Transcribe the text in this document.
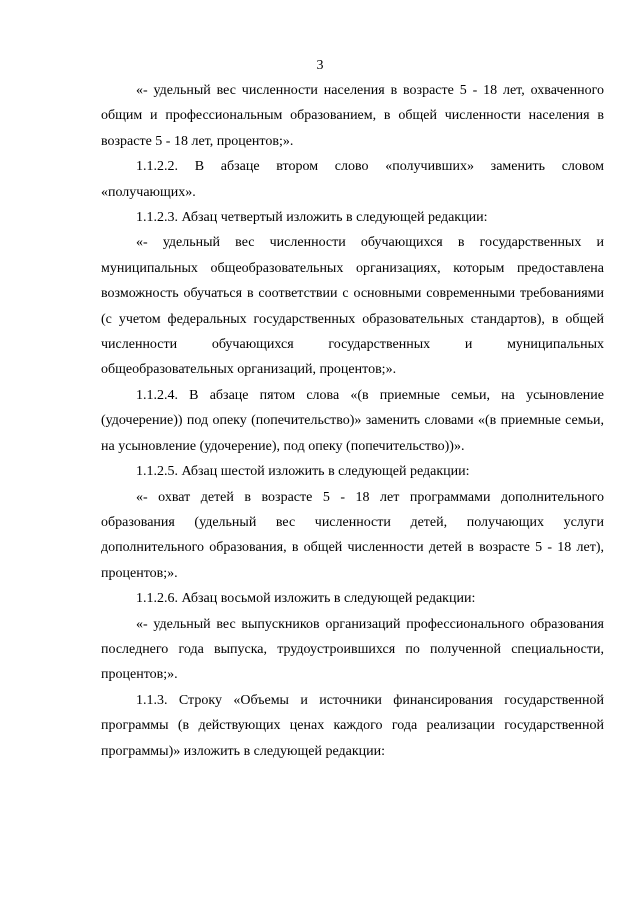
3

«- удельный вес численности населения в возрасте 5 - 18 лет, охваченного общим и профессиональным образованием, в общей численности населения в возрасте 5 - 18 лет, процентов;».

1.1.2.2. В абзаце втором слово «получивших» заменить словом «получающих».

1.1.2.3. Абзац четвертый изложить в следующей редакции:

«- удельный вес численности обучающихся в государственных и муниципальных общеобразовательных организациях, которым предоставлена возможность обучаться в соответствии с основными современными требованиями (с учетом федеральных государственных образовательных стандартов), в общей численности обучающихся государственных и муниципальных общеобразовательных организаций, процентов;».

1.1.2.4. В абзаце пятом слова «(в приемные семьи, на усыновление (удочерение)) под опеку (попечительство)» заменить словами «(в приемные семьи, на усыновление (удочерение), под опеку (попечительство))».

1.1.2.5. Абзац шестой изложить в следующей редакции:

«- охват детей в возрасте 5 - 18 лет программами дополнительного образования (удельный вес численности детей, получающих услуги дополнительного образования, в общей численности детей в возрасте 5 - 18 лет), процентов;».

1.1.2.6. Абзац восьмой изложить в следующей редакции:

«- удельный вес выпускников организаций профессионального образования последнего года выпуска, трудоустроившихся по полученной специальности, процентов;».

1.1.3. Строку «Объемы и источники финансирования государственной программы (в действующих ценах каждого года реализации государственной программы)» изложить в следующей редакции:
